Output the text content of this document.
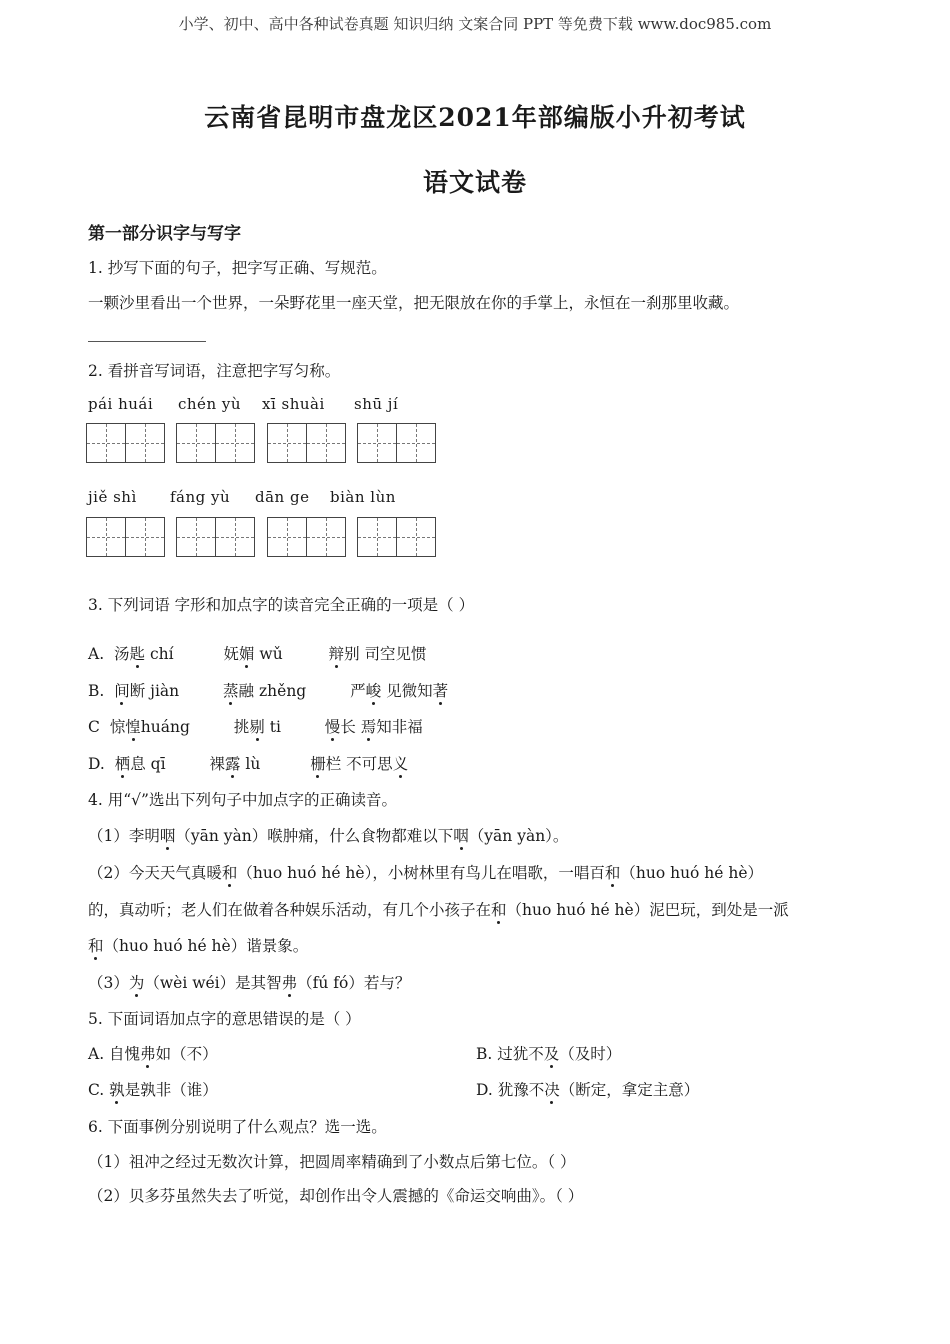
小学、初中、高中各种试卷真题 知识归纳 文案合同 PPT 等免费下载 www.doc985.com
云南省昆明市盘龙区2021年部编版小升初考试
语文试卷
第一部分识字与写字
1. 抄写下面的句子，把字写正确、写规范。
一颗沙里看出一个世界，一朵野花里一座天堂，把无限放在你的手掌上，永恒在一刹那里收藏。
2. 看拼音写词语，注意把字写匀称。
pái huái chén yù xī shuài shū jí
jiě shì fáng yù dān ge biàn lùn
3. 下列词语 字形和加点字的读音完全正确的一项是（ ）
A. 汤匙 chí	妩媚 wǔ	辩别 司空见惯
B. 间断 jiàn	蒸融 zhěng	严峻 见微知著
C 惊惶huáng	挑剔 ti	慢长 焉知非福
D. 栖息 qī	裸露 lù	栅栏 不可思义
4. 用“√”选出下列句子中加点字的正确读音。
（1）李明咽（yān yàn）喉肿痛，什么食物都难以下咽（yān yàn）。
（2）今天天气真暖和（huo huó hé hè），小树林里有鸟儿在唱歌，一唱百和（huo huó hé hè）
的，真动听；老人们在做着各种娱乐活动，有几个小孩子在和（huo huó hé hè）泥巴玩，到处是一派
和（huo huó hé hè）谐景象。
（3）为（wèi wéi）是其智弗（fú fó）若与？
5. 下面词语加点字的意思错误的是（ ）
A. 自愧弗如（不）	B. 过犹不及（及时）
C. 孰是孰非（谁）	D. 犹豫不决（断定，拿定主意）
6. 下面事例分别说明了什么观点？选一选。
（1）祖冲之经过无数次计算，把圆周率精确到了小数点后第七位。（ ）
（2）贝多芬虽然失去了听觉，却创作出令人震撼的《命运交响曲》。（ ）
